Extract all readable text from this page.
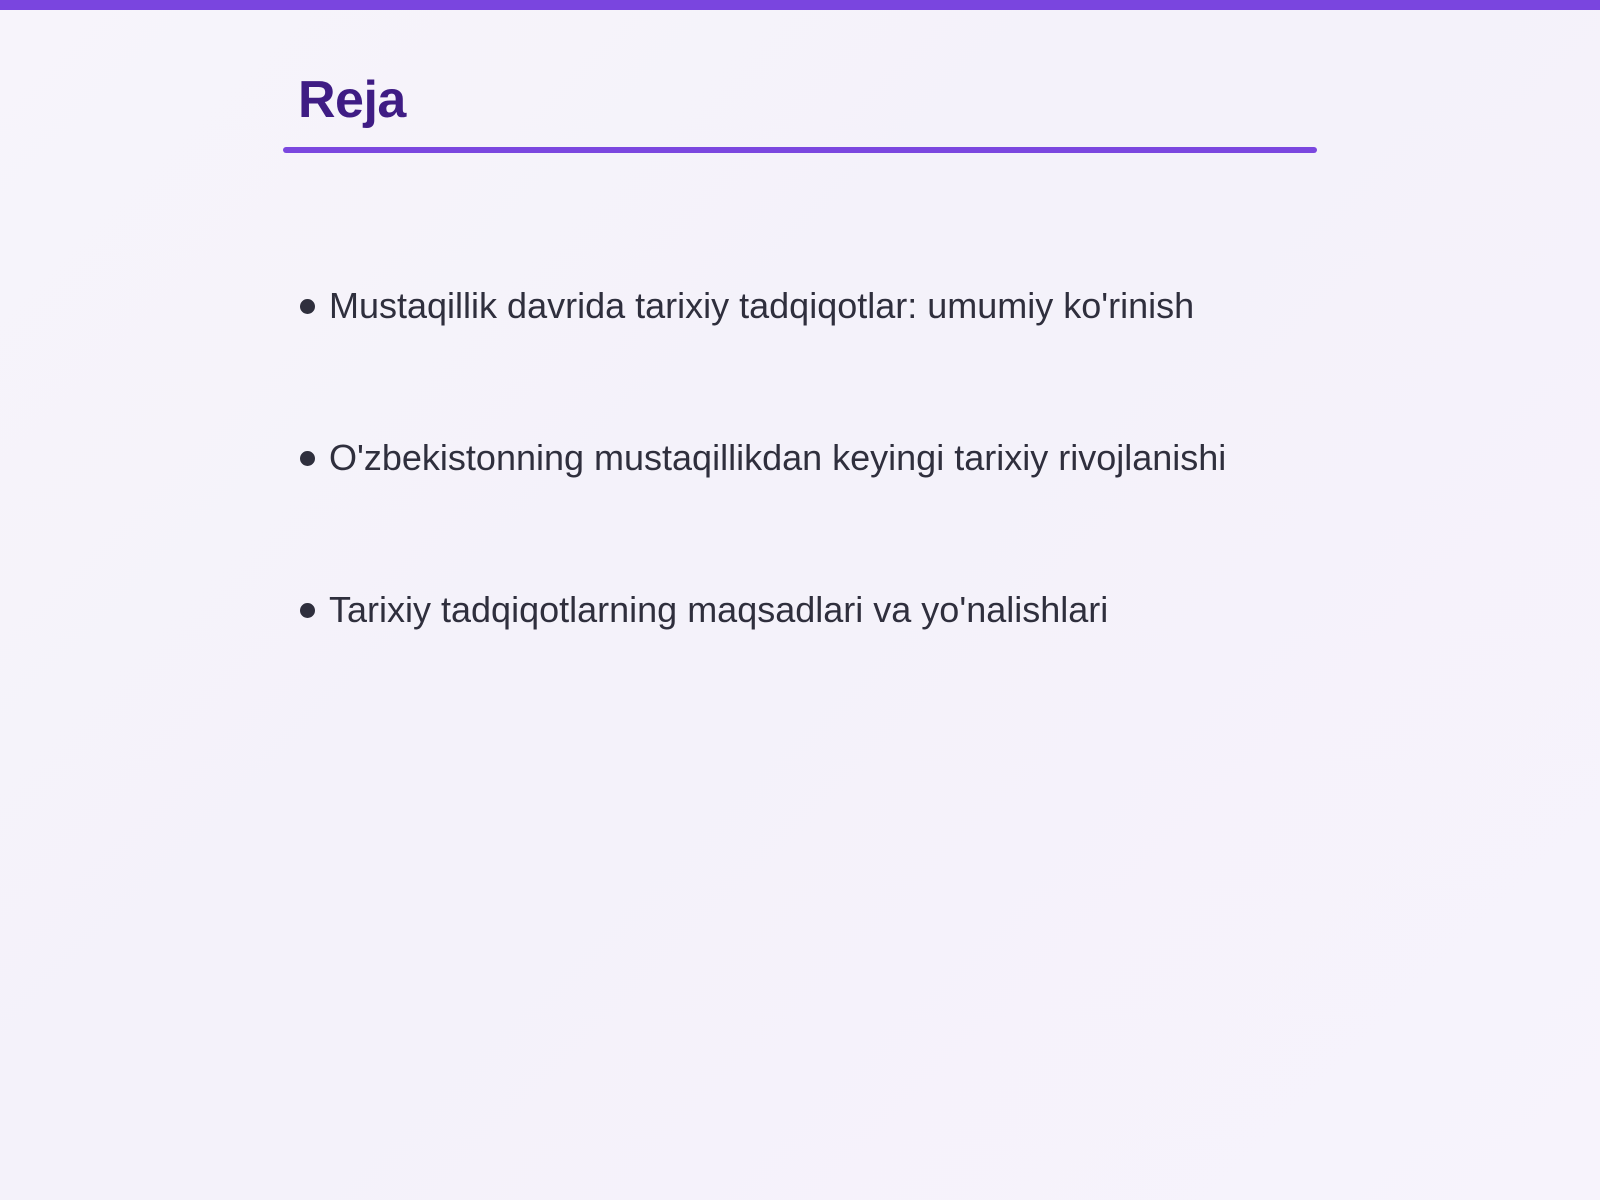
Reja
Mustaqillik davrida tarixiy tadqiqotlar: umumiy ko'rinish
O'zbekistonning mustaqillikdan keyingi tarixiy rivojlanishi
Tarixiy tadqiqotlarning maqsadlari va yo'nalishlari
